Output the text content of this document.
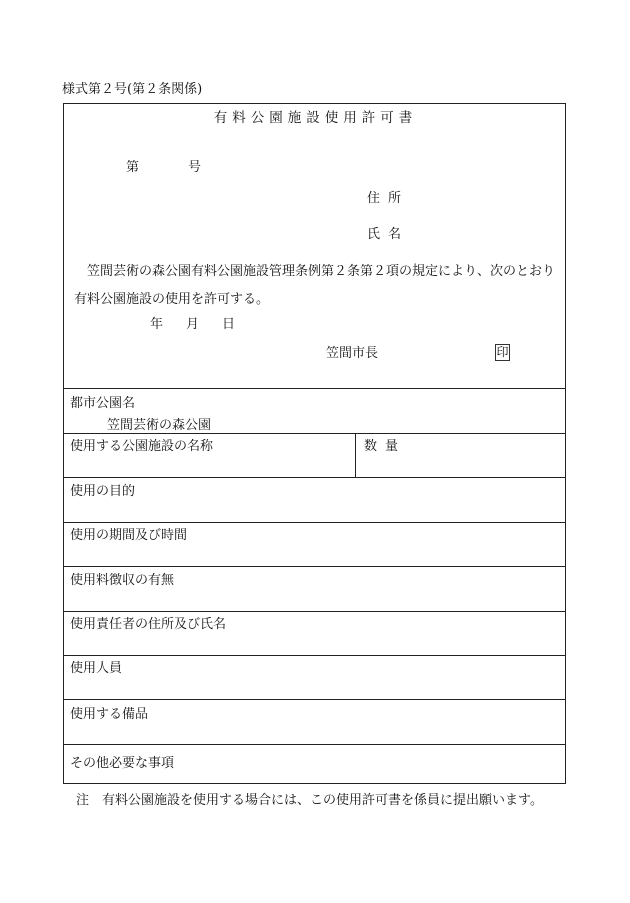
様式第２号(第２条関係)
有料公園施設使用許可書
第	号
住所
氏名
笠間芸術の森公園有料公園施設管理条例第２条第２項の規定により、次のとおり有料公園施設の使用を許可する。
年 月 日
笠間市長	印
都市公園名
笠間芸術の森公園
使用する公園施設の名称	数量
使用の目的
使用の期間及び時間
使用料徴収の有無
使用責任者の住所及び氏名
使用人員
使用する備品
その他必要な事項
注　有料公園施設を使用する場合には、この使用許可書を係員に提出願います。
